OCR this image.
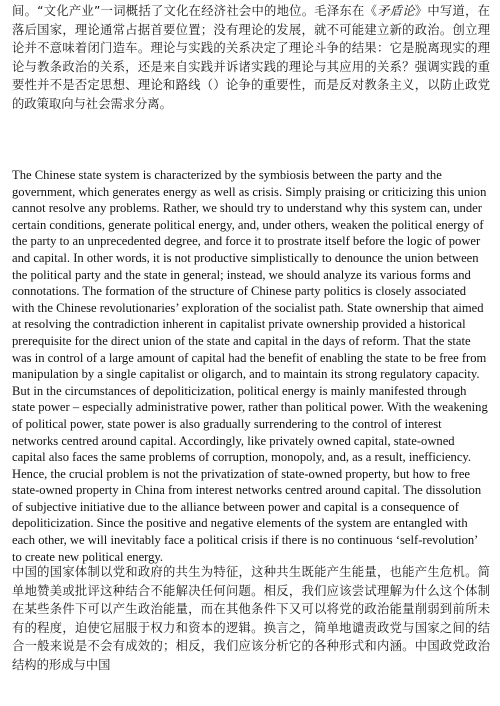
间。“文化产业”一词概括了文化在经济社会中的地位。毛泽东在《矛盾论》中写道，在落后国家，理论通常占据首要位置；没有理论的发展，就不可能建立新的政治。创立理论并不意味着闭门造车。理论与实践的关系决定了理论斗争的结果：它是脱离现实的理论与教条政治的关系，还是来自实践并诉诸实践的理论与其应用的关系？强调实践的重要性并不是否定思想、理论和路线（）论争的重要性，而是反对教条主义，以防止政党的政策取向与社会需求分离。

The Chinese state system is characterized by the symbiosis between the party and the government, which generates energy as well as crisis. Simply praising or criticizing this union cannot resolve any problems. Rather, we should try to understand why this system can, under certain conditions, generate political energy, and, under others, weaken the political energy of the party to an unprecedented degree, and force it to prostrate itself before the logic of power and capital. In other words, it is not productive simplistically to denounce the union between the political party and the state in general; instead, we should analyze its various forms and connotations. The formation of the structure of Chinese party politics is closely associated with the Chinese revolutionaries’ exploration of the socialist path. State ownership that aimed at resolving the contradiction inherent in capitalist private ownership provided a historical prerequisite for the direct union of the state and capital in the days of reform. That the state was in control of a large amount of capital had the benefit of enabling the state to be free from manipulation by a single capitalist or oligarch, and to maintain its strong regulatory capacity. But in the circumstances of depoliticization, political energy is mainly manifested through state power – especially administrative power, rather than political power. With the weakening of political power, state power is also gradually surrendering to the control of interest networks centred around capital. Accordingly, like privately owned capital, state-owned capital also faces the same problems of corruption, monopoly, and, as a result, inefficiency. Hence, the crucial problem is not the privatization of state-owned property, but how to free state-owned property in China from interest networks centred around capital. The dissolution of subjective initiative due to the alliance between power and capital is a consequence of depoliticization. Since the positive and negative elements of the system are entangled with each other, we will inevitably face a political crisis if there is no continuous ‘self-revolution’ to create new political energy.

中国的国家体制以党和政府的共生为特征，这种共生既能产生能量，也能产生危机。简单地赞美或批评这种结合不能解决任何问题。相反，我们应该尝试理解为什么这个体制在某些条件下可以产生政治能量，而在其他条件下又可以将党的政治能量削弱到前所未有的程度，迫使它屈服于权力和资本的逻辑。换言之，简单地谴责政党与国家之间的结合一般来说是不会有成效的；相反，我们应该分析它的各种形式和内涵。中国政党政治结构的形成与中国
